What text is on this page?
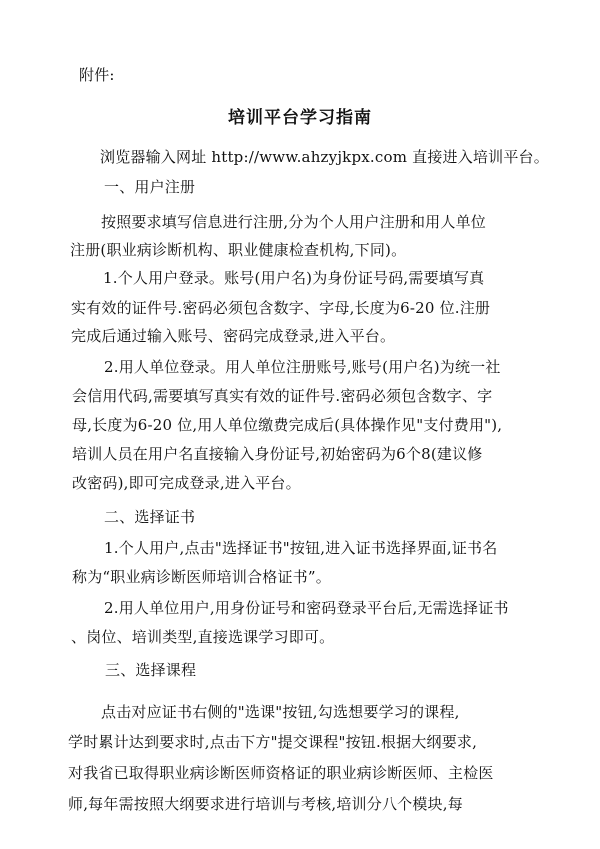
附件:
培训平台学习指南
浏览器输入网址 http://www.ahzyjkpx.com 直接进入培训平台。
一、用户注册
按照要求填写信息进行注册,分为个人用户注册和用人单位
注册(职业病诊断机构、职业健康检查机构,下同)。
1.个人用户登录。账号(用户名)为身份证号码,需要填写真
实有效的证件号.密码必须包含数字、字母,长度为6-20 位.注册
完成后通过输入账号、密码完成登录,进入平台。
2.用人单位登录。用人单位注册账号,账号(用户名)为统一社
会信用代码,需要填写真实有效的证件号.密码必须包含数字、字
母,长度为6-20 位,用人单位缴费完成后(具体操作见"支付费用"),
培训人员在用户名直接输入身份证号,初始密码为6个8(建议修
改密码),即可完成登录,进入平台。
二、选择证书
1.个人用户,点击"选择证书"按钮,进入证书选择界面,证书名
称为“职业病诊断医师培训合格证书”。
2.用人单位用户,用身份证号和密码登录平台后,无需选择证书
、岗位、培训类型,直接选课学习即可。
三、选择课程
点击对应证书右侧的"选课"按钮,勾选想要学习的课程,
学时累计达到要求时,点击下方"提交课程"按钮.根据大纲要求,
对我省已取得职业病诊断医师资格证的职业病诊断医师、主检医
师,每年需按照大纲要求进行培训与考核,培训分八个模块,每
